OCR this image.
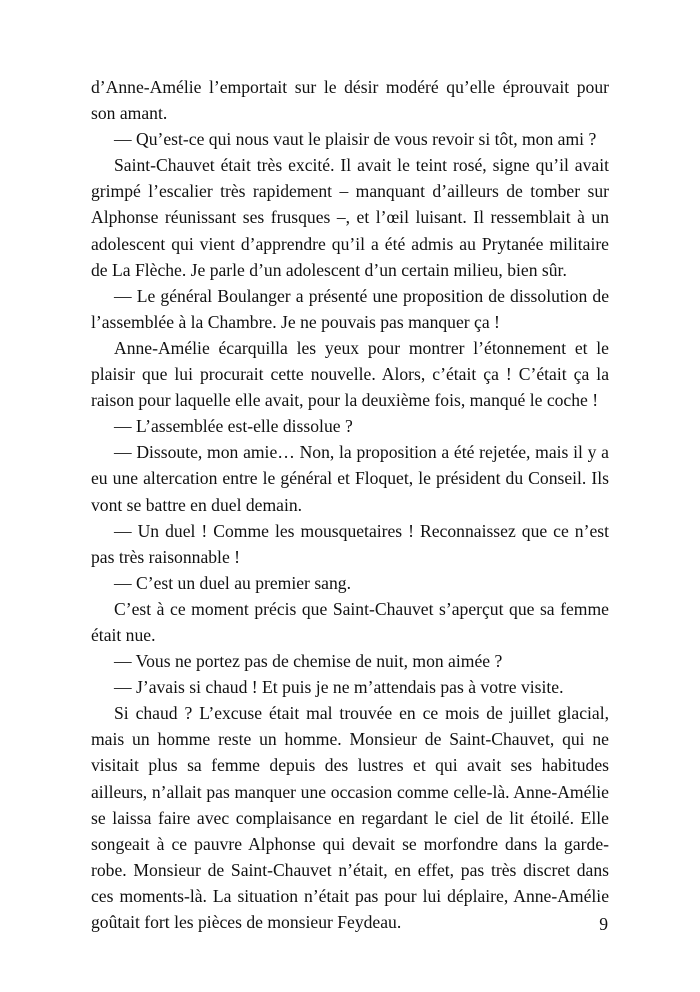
d’Anne-Amélie l’emportait sur le désir modéré qu’elle éprouvait pour son amant.

— Qu’est-ce qui nous vaut le plaisir de vous revoir si tôt, mon ami ?

Saint-Chauvet était très excité. Il avait le teint rosé, signe qu’il avait grimpé l’escalier très rapidement – manquant d’ailleurs de tomber sur Alphonse réunissant ses frusques –, et l’œil luisant. Il ressemblait à un adolescent qui vient d’apprendre qu’il a été admis au Prytanée militaire de La Flèche. Je parle d’un adolescent d’un certain milieu, bien sûr.

— Le général Boulanger a présenté une proposition de dissolution de l’assemblée à la Chambre. Je ne pouvais pas manquer ça !

Anne-Amélie écarquilla les yeux pour montrer l’étonnement et le plaisir que lui procurait cette nouvelle. Alors, c’était ça ! C’était ça la raison pour laquelle elle avait, pour la deuxième fois, manqué le coche !

— L’assemblée est-elle dissolue ?

— Dissoute, mon amie… Non, la proposition a été rejetée, mais il y a eu une altercation entre le général et Floquet, le président du Conseil. Ils vont se battre en duel demain.

— Un duel ! Comme les mousquetaires ! Reconnaissez que ce n’est pas très raisonnable !

— C’est un duel au premier sang.

C’est à ce moment précis que Saint-Chauvet s’aperçut que sa femme était nue.

— Vous ne portez pas de chemise de nuit, mon aimée ?

— J’avais si chaud ! Et puis je ne m’attendais pas à votre visite.

Si chaud ? L’excuse était mal trouvée en ce mois de juillet glacial, mais un homme reste un homme. Monsieur de Saint-Chauvet, qui ne visitait plus sa femme depuis des lustres et qui avait ses habitudes ailleurs, n’allait pas manquer une occasion comme celle-là. Anne-Amélie se laissa faire avec complaisance en regardant le ciel de lit étoilé. Elle songeait à ce pauvre Alphonse qui devait se morfondre dans la garde-robe. Monsieur de Saint-Chauvet n’était, en effet, pas très discret dans ces moments-là. La situation n’était pas pour lui déplaire, Anne-Amélie goûtait fort les pièces de monsieur Feydeau.	9
